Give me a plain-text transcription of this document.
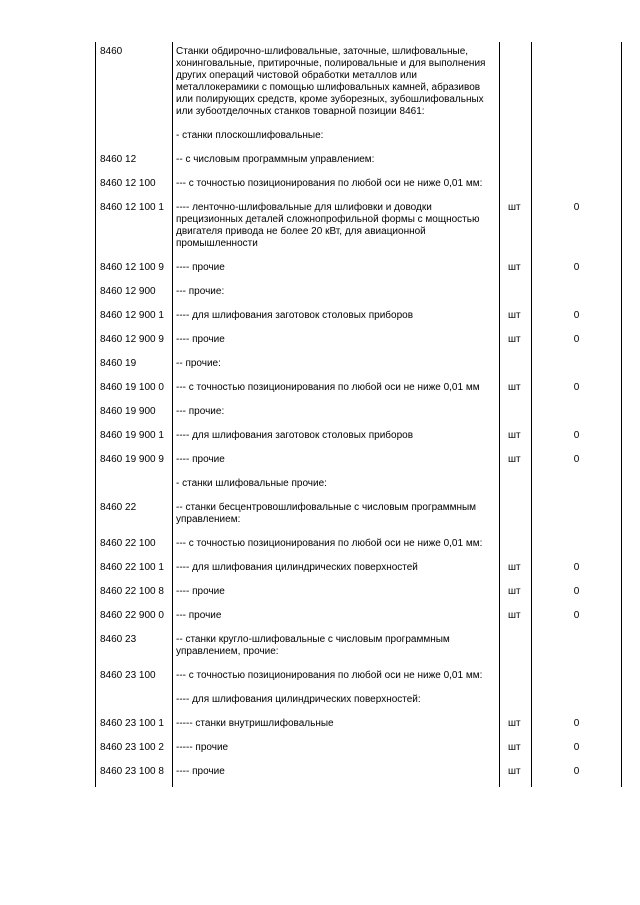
8460	Станки обдирочно-шлифовальные, заточные, шлифовальные, хонинговальные, притирочные, полировальные и для выполнения других операций чистовой обработки металлов или металлокерамики с помощью шлифовальных камней, абразивов или полирующих средств, кроме зуборезных, зубошлифовальных или зубоотделочных станков товарной позиции 8461:		
	- станки плоскошлифовальные:		
8460 12	-- с числовым программным управлением:		
8460 12 100	--- с точностью позиционирования по любой оси не ниже 0,01 мм:		
8460 12 100 1	---- ленточно-шлифовальные для шлифовки и доводки прецизионных деталей сложнопрофильной формы с мощностью двигателя привода не более 20 кВт, для авиационной промышленности	шт	0
8460 12 100 9	---- прочие	шт	0
8460 12 900	--- прочие:		
8460 12 900 1	---- для шлифования заготовок столовых приборов	шт	0
8460 12 900 9	---- прочие	шт	0
8460 19	-- прочие:		
8460 19 100 0	--- с точностью позиционирования по любой оси не ниже 0,01 мм	шт	0
8460 19 900	--- прочие:		
8460 19 900 1	---- для шлифования заготовок столовых приборов	шт	0
8460 19 900 9	---- прочие	шт	0
	- станки шлифовальные прочие:		
8460 22	-- станки бесцентровошлифовальные с числовым программным управлением:		
8460 22 100	--- с точностью позиционирования по любой оси не ниже 0,01 мм:		
8460 22 100 1	---- для шлифования цилиндрических поверхностей	шт	0
8460 22 100 8	---- прочие	шт	0
8460 22 900 0	--- прочие	шт	0
8460 23	-- станки кругло-шлифовальные с числовым программным управлением, прочие:		
8460 23 100	--- с точностью позиционирования по любой оси не ниже 0,01 мм:		
	---- для шлифования цилиндрических поверхностей:		
8460 23 100 1	----- станки внутришлифовальные	шт	0
8460 23 100 2	----- прочие	шт	0
8460 23 100 8	---- прочие	шт	0
